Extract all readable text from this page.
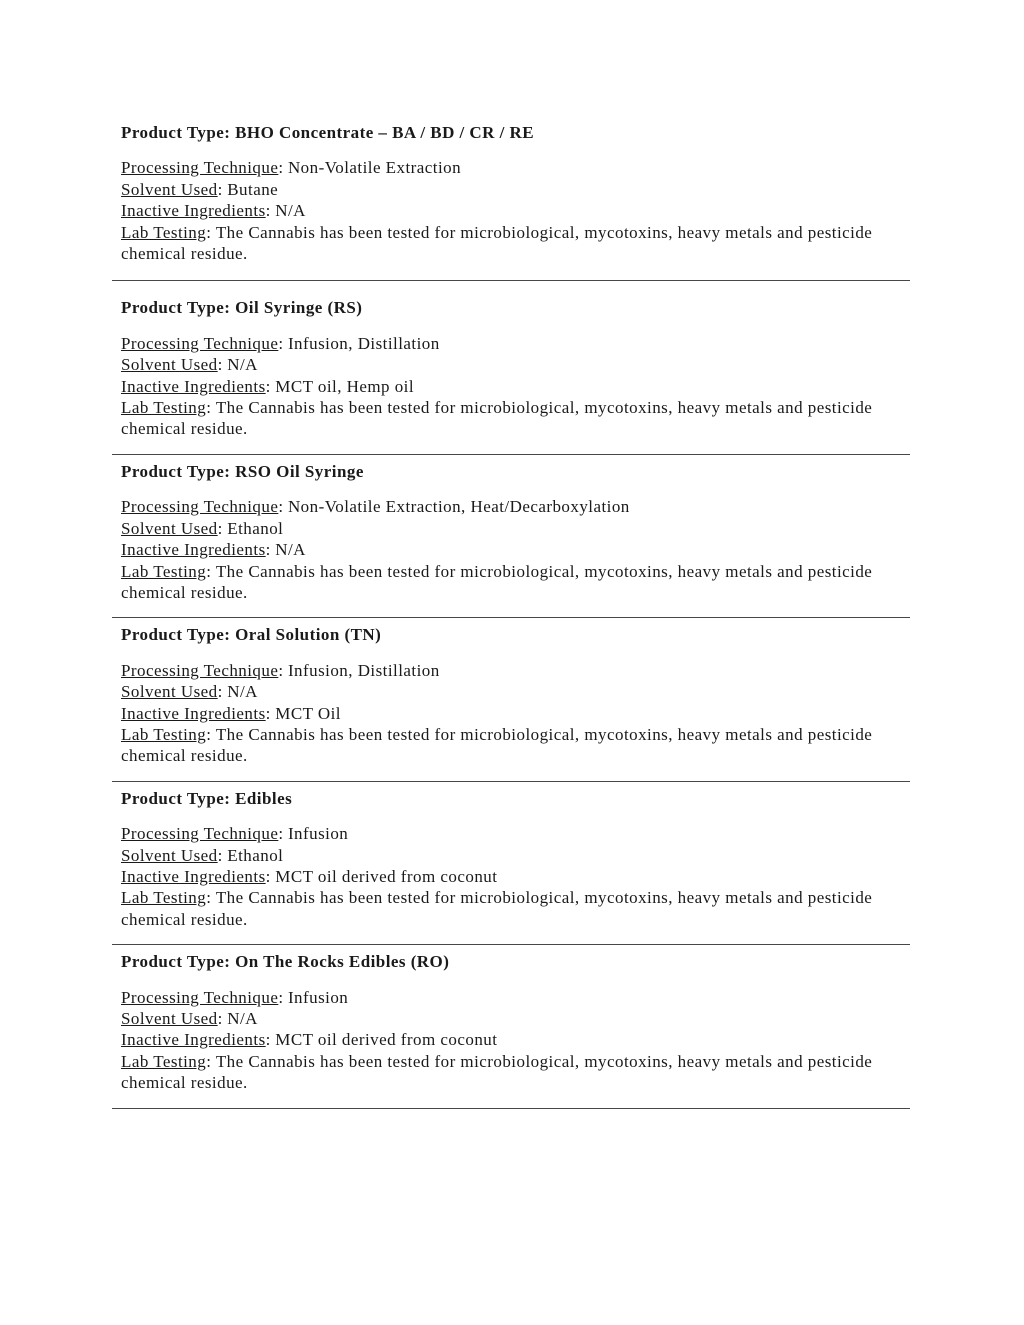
Product Type: BHO Concentrate – BA / BD / CR / RE

Processing Technique: Non-Volatile Extraction

Solvent Used: Butane

Inactive Ingredients: N/A

Lab Testing: The Cannabis has been tested for microbiological, mycotoxins, heavy metals and pesticide chemical residue.

Product Type: Oil Syringe (RS)

Processing Technique: Infusion, Distillation

Solvent Used: N/A

Inactive Ingredients: MCT oil, Hemp oil

Lab Testing: The Cannabis has been tested for microbiological, mycotoxins, heavy metals and pesticide chemical residue.

Product Type: RSO Oil Syringe

Processing Technique: Non-Volatile Extraction, Heat/Decarboxylation

Solvent Used: Ethanol

Inactive Ingredients: N/A

Lab Testing: The Cannabis has been tested for microbiological, mycotoxins, heavy metals and pesticide chemical residue.

Product Type: Oral Solution (TN)

Processing Technique: Infusion, Distillation

Solvent Used: N/A

Inactive Ingredients: MCT Oil

Lab Testing: The Cannabis has been tested for microbiological, mycotoxins, heavy metals and pesticide chemical residue.

Product Type: Edibles

Processing Technique: Infusion

Solvent Used: Ethanol

Inactive Ingredients: MCT oil derived from coconut

Lab Testing: The Cannabis has been tested for microbiological, mycotoxins, heavy metals and pesticide chemical residue.

Product Type: On The Rocks Edibles (RO)

Processing Technique: Infusion

Solvent Used: N/A

Inactive Ingredients: MCT oil derived from coconut

Lab Testing: The Cannabis has been tested for microbiological, mycotoxins, heavy metals and pesticide chemical residue.
